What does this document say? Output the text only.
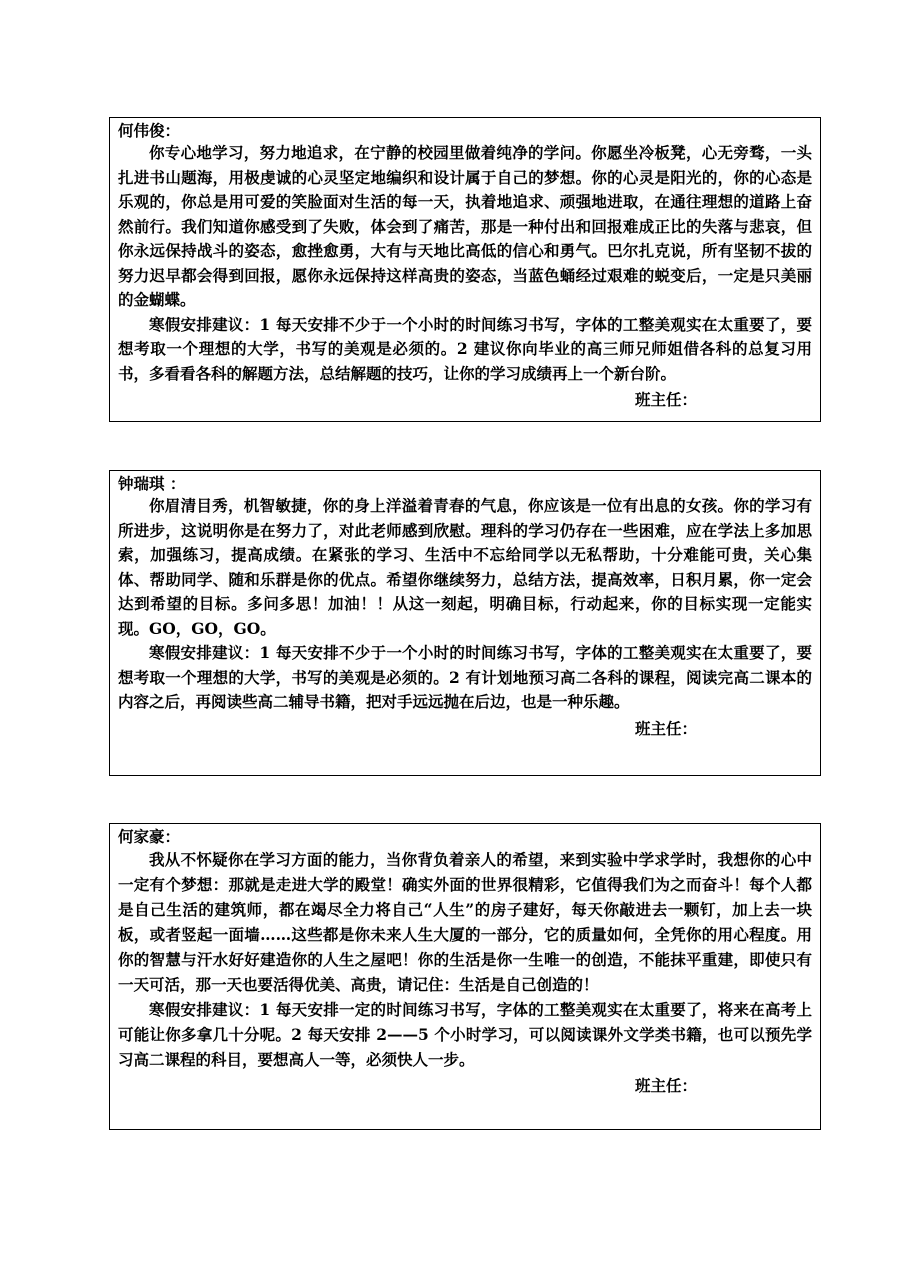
何伟俊：

你专心地学习，努力地追求，在宁静的校园里做着纯净的学问。你愿坐冷板凳，心无旁骛，一头扎进书山题海，用极虔诚的心灵坚定地编织和设计属于自己的梦想。你的心灵是阳光的，你的心态是乐观的，你总是用可爱的笑脸面对生活的每一天，执着地追求、顽强地进取，在通往理想的道路上奋然前行。我们知道你感受到了失败，体会到了痛苦，那是一种付出和回报难成正比的失落与悲哀，但你永远保持战斗的姿态，愈挫愈勇，大有与天地比高低的信心和勇气。巴尔扎克说，所有坚韧不拔的努力迟早都会得到回报，愿你永远保持这样高贵的姿态，当蓝色蛹经过艰难的蜕变后，一定是只美丽的金蝴蝶。

寒假安排建议：1 每天安排不少于一个小时的时间练习书写，字体的工整美观实在太重要了，要想考取一个理想的大学，书写的美观是必须的。2 建议你向毕业的高三师兄师姐借各科的总复习用书，多看看各科的解题方法，总结解题的技巧，让你的学习成绩再上一个新台阶。

班主任：

钟瑞琪 ：

你眉清目秀，机智敏捷，你的身上洋溢着青春的气息，你应该是一位有出息的女孩。你的学习有所进步，这说明你是在努力了，对此老师感到欣慰。理科的学习仍存在一些困难，应在学法上多加思索，加强练习，提高成绩。在紧张的学习、生活中不忘给同学以无私帮助，十分难能可贵，关心集体、帮助同学、随和乐群是你的优点。希望你继续努力，总结方法，提高效率，日积月累，你一定会达到希望的目标。多问多思！加油！！从这一刻起，明确目标，行动起来，你的目标实现一定能实现。GO，GO，GO。

寒假安排建议：1 每天安排不少于一个小时的时间练习书写，字体的工整美观实在太重要了，要想考取一个理想的大学，书写的美观是必须的。2 有计划地预习高二各科的课程，阅读完高二课本的内容之后，再阅读些高二辅导书籍，把对手远远抛在后边，也是一种乐趣。

班主任：

何家豪：

我从不怀疑你在学习方面的能力，当你背负着亲人的希望，来到实验中学求学时，我想你的心中一定有个梦想：那就是走进大学的殿堂！确实外面的世界很精彩，它值得我们为之而奋斗！每个人都是自己生活的建筑师，都在竭尽全力将自己“人生”的房子建好，每天你敲进去一颗钉，加上去一块板，或者竖起一面墙……这些都是你未来人生大厦的一部分，它的质量如何，全凭你的用心程度。用你的智慧与汗水好好建造你的人生之屋吧！你的生活是你一生唯一的创造，不能抹平重建，即使只有一天可活，那一天也要活得优美、高贵，请记住：生活是自己创造的！

寒假安排建议：1 每天安排一定的时间练习书写，字体的工整美观实在太重要了，将来在高考上可能让你多拿几十分呢。2 每天安排 2——5 个小时学习，可以阅读课外文学类书籍，也可以预先学习高二课程的科目，要想高人一等，必须快人一步。

班主任：
